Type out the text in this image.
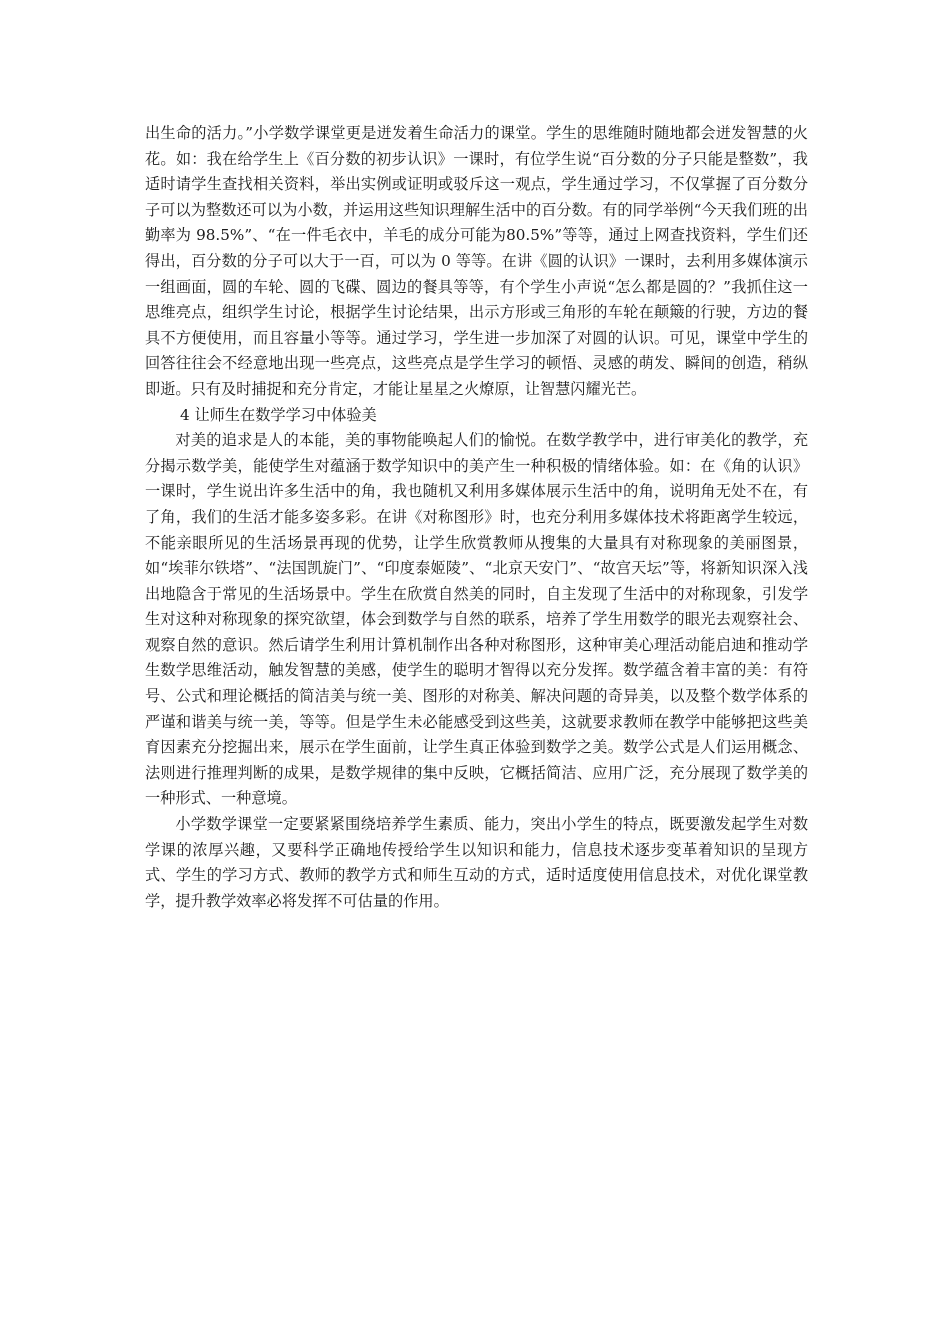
出生命的活力。”小学数学课堂更是迸发着生命活力的课堂。学生的思维随时随地都会迸发智慧的火花。如：我在给学生上《百分数的初步认识》一课时，有位学生说“百分数的分子只能是整数”，我适时请学生查找相关资料，举出实例或证明或驳斥这一观点，学生通过学习，不仅掌握了百分数分子可以为整数还可以为小数，并运用这些知识理解生活中的百分数。有的同学举例“今天我们班的出勤率为 98.5%”、“在一件毛衣中，羊毛的成分可能为80.5%”等等，通过上网查找资料，学生们还得出，百分数的分子可以大于一百，可以为 0 等等。在讲《圆的认识》一课时，去利用多媒体演示一组画面，圆的车轮、圆的飞碟、圆边的餐具等等，有个学生小声说“怎么都是圆的？”我抓住这一思维亮点，组织学生讨论，根据学生讨论结果，出示方形或三角形的车轮在颠簸的行驶，方边的餐具不方便使用，而且容量小等等。通过学习，学生进一步加深了对圆的认识。可见，课堂中学生的回答往往会不经意地出现一些亮点，这些亮点是学生学习的顿悟、灵感的萌发、瞬间的创造，稍纵即逝。只有及时捕捉和充分肯定，才能让星星之火燎原，让智慧闪耀光芒。

4 让师生在数学学习中体验美

对美的追求是人的本能，美的事物能唤起人们的愉悦。在数学教学中，进行审美化的教学，充分揭示数学美，能使学生对蕴涵于数学知识中的美产生一种积极的情绪体验。如：在《角的认识》一课时，学生说出许多生活中的角，我也随机又利用多媒体展示生活中的角，说明角无处不在，有了角，我们的生活才能多姿多彩。在讲《对称图形》时，也充分利用多媒体技术将距离学生较远，不能亲眼所见的生活场景再现的优势，让学生欣赏教师从搜集的大量具有对称现象的美丽图景，如“埃菲尔铁塔”、“法国凯旋门”、“印度泰姬陵”、“北京天安门”、“故宫天坛”等，将新知识深入浅出地隐含于常见的生活场景中。学生在欣赏自然美的同时，自主发现了生活中的对称现象，引发学生对这种对称现象的探究欲望，体会到数学与自然的联系，培养了学生用数学的眼光去观察社会、观察自然的意识。然后请学生利用计算机制作出各种对称图形，这种审美心理活动能启迪和推动学生数学思维活动，触发智慧的美感，使学生的聪明才智得以充分发挥。数学蕴含着丰富的美：有符号、公式和理论概括的简洁美与统一美、图形的对称美、解决问题的奇异美，以及整个数学体系的严谨和谐美与统一美，等等。但是学生未必能感受到这些美，这就要求教师在教学中能够把这些美育因素充分挖掘出来，展示在学生面前，让学生真正体验到数学之美。数学公式是人们运用概念、法则进行推理判断的成果，是数学规律的集中反映，它概括简洁、应用广泛，充分展现了数学美的一种形式、一种意境。

小学数学课堂一定要紧紧围绕培养学生素质、能力，突出小学生的特点，既要激发起学生对数学课的浓厚兴趣，又要科学正确地传授给学生以知识和能力，信息技术逐步变革着知识的呈现方式、学生的学习方式、教师的教学方式和师生互动的方式，适时适度使用信息技术，对优化课堂教学，提升教学效率必将发挥不可估量的作用。
